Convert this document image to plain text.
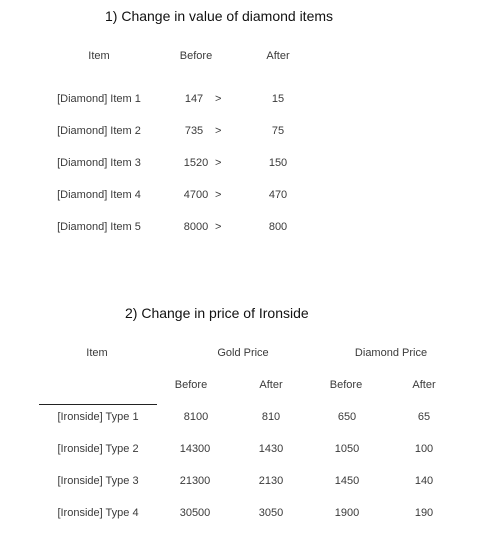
1) Change in value of diamond items
Item	Before	After
[Diamond] Item 1	147 >	15
[Diamond] Item 2	735 >	75
[Diamond] Item 3	1520 >	150
[Diamond] Item 4	4700 >	470
[Diamond] Item 5	8000 >	800
2) Change in price of Ironside
Item	Gold Price	Diamond Price
Before	After	Before	After
[Ironside] Type 1	8100	810	650	65
[Ironside] Type 2	14300	1430	1050	100
[Ironside] Type 3	21300	2130	1450	140
[Ironside] Type 4	30500	3050	1900	190
